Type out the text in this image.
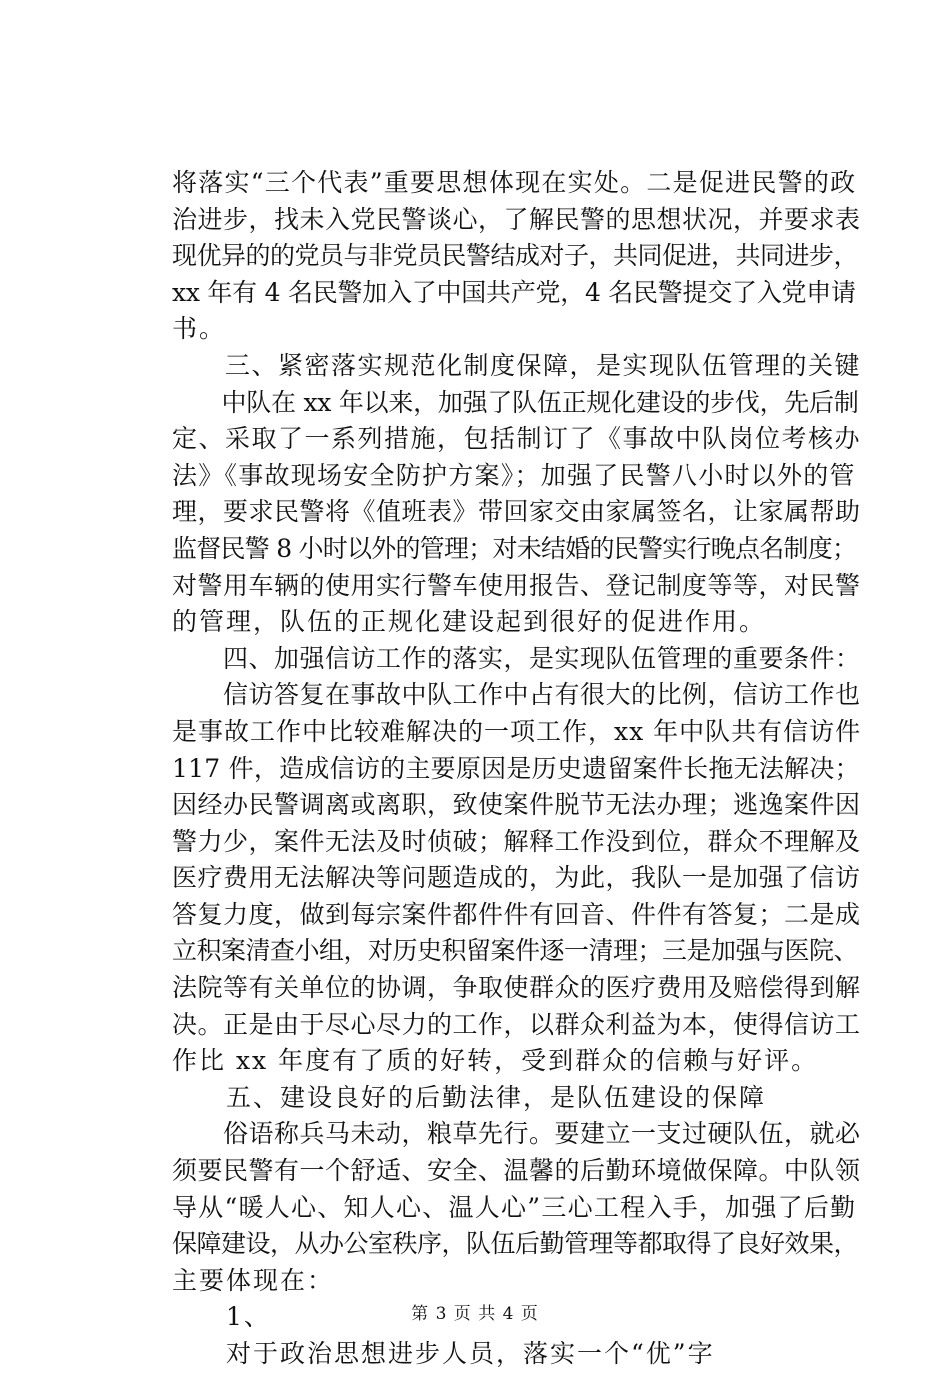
将落实“三个代表”重要思想体现在实处。二是促进民警的政
治进步，找未入党民警谈心，了解民警的思想状况，并要求表
现优异的的党员与非党员民警结成对子，共同促进，共同进步，
xx 年有 4 名民警加入了中国共产党，4 名民警提交了入党申请
书。
　　三、紧密落实规范化制度保障，是实现队伍管理的关键
　　中队在 xx 年以来，加强了队伍正规化建设的步伐，先后制
定、采取了一系列措施，包括制订了《事故中队岗位考核办
法》《事故现场安全防护方案》；加强了民警八小时以外的管
理，要求民警将《值班表》带回家交由家属签名，让家属帮助
监督民警 8 小时以外的管理；对未结婚的民警实行晚点名制度；
对警用车辆的使用实行警车使用报告、登记制度等等，对民警
的管理，队伍的正规化建设起到很好的促进作用。
　　四、加强信访工作的落实，是实现队伍管理的重要条件：
　　信访答复在事故中队工作中占有很大的比例，信访工作也
是事故工作中比较难解决的一项工作，xx 年中队共有信访件
117 件，造成信访的主要原因是历史遗留案件长拖无法解决；
因经办民警调离或离职，致使案件脱节无法办理；逃逸案件因
警力少，案件无法及时侦破；解释工作没到位，群众不理解及
医疗费用无法解决等问题造成的，为此，我队一是加强了信访
答复力度，做到每宗案件都件件有回音、件件有答复；二是成
立积案清查小组，对历史积留案件逐一清理；三是加强与医院、
法院等有关单位的协调，争取使群众的医疗费用及赔偿得到解
决。正是由于尽心尽力的工作，以群众利益为本，使得信访工
作比 xx 年度有了质的好转，受到群众的信赖与好评。
　　五、建设良好的后勤法律，是队伍建设的保障
　　俗语称兵马未动，粮草先行。要建立一支过硬队伍，就必
须要民警有一个舒适、安全、温馨的后勤环境做保障。中队领
导从“暖人心、知人心、温人心”三心工程入手，加强了后勤
保障建设，从办公室秩序，队伍后勤管理等都取得了良好效果，
主要体现在：
　　1、
　　对于政治思想进步人员，落实一个“优”字
第 3 页 共 4 页
